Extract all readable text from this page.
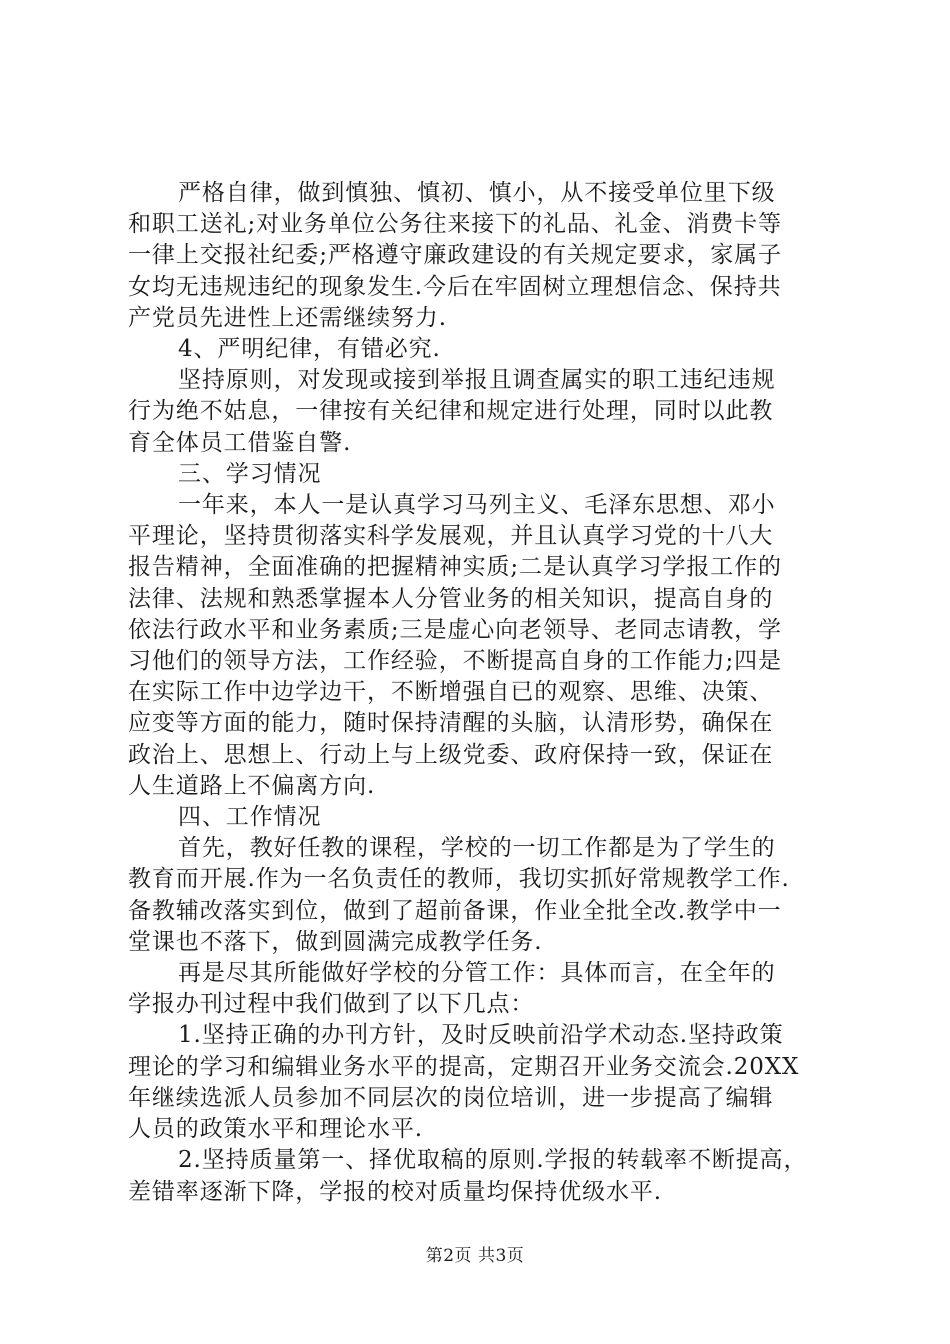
严格自律，做到慎独、慎初、慎小，从不接受单位里下级
和职工送礼;对业务单位公务往来接下的礼品、礼金、消费卡等
一律上交报社纪委;严格遵守廉政建设的有关规定要求，家属子
女均无违规违纪的现象发生.今后在牢固树立理想信念、保持共
产党员先进性上还需继续努力.
4、严明纪律，有错必究.
坚持原则，对发现或接到举报且调查属实的职工违纪违规
行为绝不姑息，一律按有关纪律和规定进行处理，同时以此教
育全体员工借鉴自警.
三、学习情况
一年来，本人一是认真学习马列主义、毛泽东思想、邓小
平理论，坚持贯彻落实科学发展观，并且认真学习党的十八大
报告精神，全面准确的把握精神实质;二是认真学习学报工作的
法律、法规和熟悉掌握本人分管业务的相关知识，提高自身的
依法行政水平和业务素质;三是虚心向老领导、老同志请教，学
习他们的领导方法，工作经验，不断提高自身的工作能力;四是
在实际工作中边学边干，不断增强自已的观察、思维、决策、
应变等方面的能力，随时保持清醒的头脑，认清形势，确保在
政治上、思想上、行动上与上级党委、政府保持一致，保证在
人生道路上不偏离方向.
四、工作情况
首先，教好任教的课程，学校的一切工作都是为了学生的
教育而开展.作为一名负责任的教师，我切实抓好常规教学工作.
备教辅改落实到位，做到了超前备课，作业全批全改.教学中一
堂课也不落下，做到圆满完成教学任务.
再是尽其所能做好学校的分管工作：具体而言，在全年的
学报办刊过程中我们做到了以下几点：
1.坚持正确的办刊方针，及时反映前沿学术动态.坚持政策
理论的学习和编辑业务水平的提高，定期召开业务交流会.20XX
年继续选派人员参加不同层次的岗位培训，进一步提高了编辑
人员的政策水平和理论水平.
2.坚持质量第一、择优取稿的原则.学报的转载率不断提高，
差错率逐渐下降，学报的校对质量均保持优级水平.
第2页 共3页
